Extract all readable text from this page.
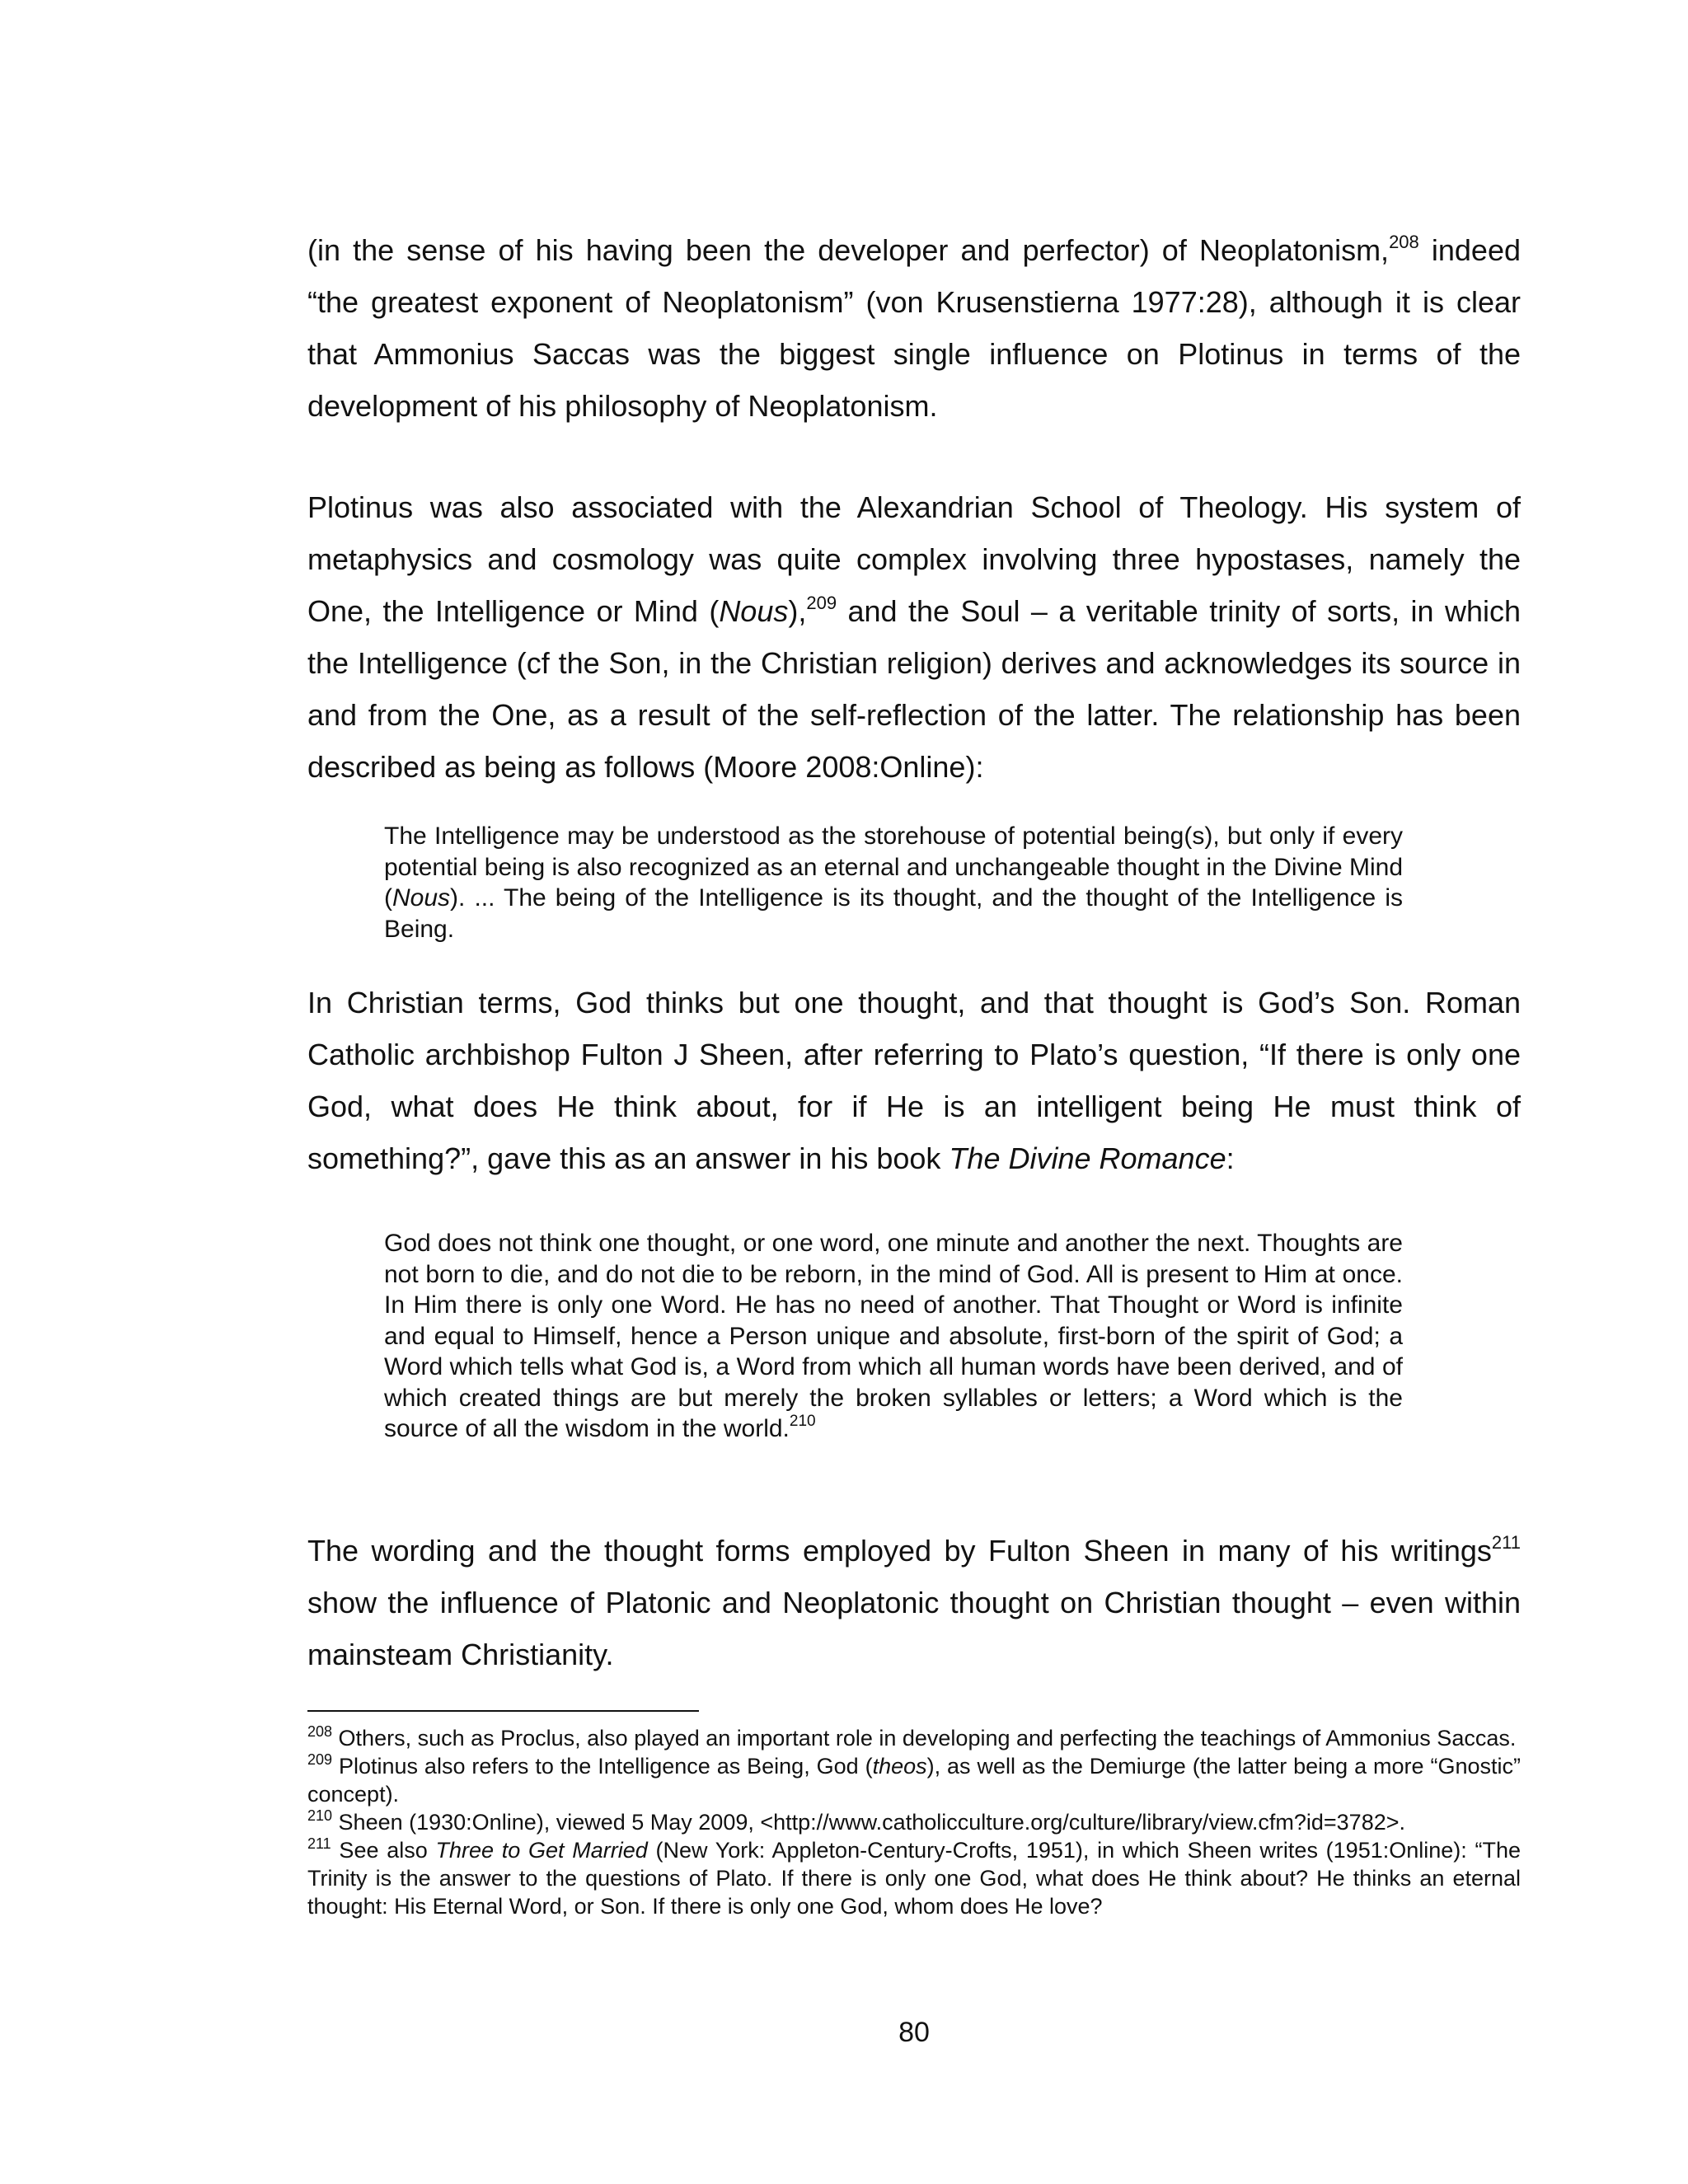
(in the sense of his having been the developer and perfector) of Neoplatonism,$^{208}$ indeed “the greatest exponent of Neoplatonism” (von Krusenstierna 1977:28), although it is clear that Ammonius Saccas was the biggest single influence on Plotinus in terms of the development of his philosophy of Neoplatonism.

Plotinus was also associated with the Alexandrian School of Theology. His system of metaphysics and cosmology was quite complex involving three hypostases, namely the One, the Intelligence or Mind (Nous),$^{209}$ and the Soul – a veritable trinity of sorts, in which the Intelligence (cf the Son, in the Christian religion) derives and acknowledges its source in and from the One, as a result of the self-reflection of the latter. The relationship has been described as being as follows (Moore 2008:Online):

The Intelligence may be understood as the storehouse of potential being(s), but only if every potential being is also recognized as an eternal and unchangeable thought in the Divine Mind (Nous). ... The being of the Intelligence is its thought, and the thought of the Intelligence is Being.

In Christian terms, God thinks but one thought, and that thought is God’s Son. Roman Catholic archbishop Fulton J Sheen, after referring to Plato’s question, “If there is only one God, what does He think about, for if He is an intelligent being He must think of something?”, gave this as an answer in his book The Divine Romance:

God does not think one thought, or one word, one minute and another the next. Thoughts are not born to die, and do not die to be reborn, in the mind of God. All is present to Him at once. In Him there is only one Word. He has no need of another. That Thought or Word is infinite and equal to Himself, hence a Person unique and absolute, first-born of the spirit of God; a Word which tells what God is, a Word from which all human words have been derived, and of which created things are but merely the broken syllables or letters; a Word which is the source of all the wisdom in the world.$^{210}$

The wording and the thought forms employed by Fulton Sheen in many of his writings$^{211}$ show the influence of Platonic and Neoplatonic thought on Christian thought – even within mainsteam Christianity.

$^{208}$ Others, such as Proclus, also played an important role in developing and perfecting the teachings of Ammonius Saccas.

$^{209}$ Plotinus also refers to the Intelligence as Being, God (theos), as well as the Demiurge (the latter being a more “Gnostic” concept).

$^{210}$ Sheen (1930:Online), viewed 5 May 2009, <http://www.catholicculture.org/culture/library/view.cfm?id=3782>.

$^{211}$ See also Three to Get Married (New York: Appleton-Century-Crofts, 1951), in which Sheen writes (1951:Online): “The Trinity is the answer to the questions of Plato. If there is only one God, what does He think about? He thinks an eternal thought: His Eternal Word, or Son. If there is only one God, whom does He love?

80
